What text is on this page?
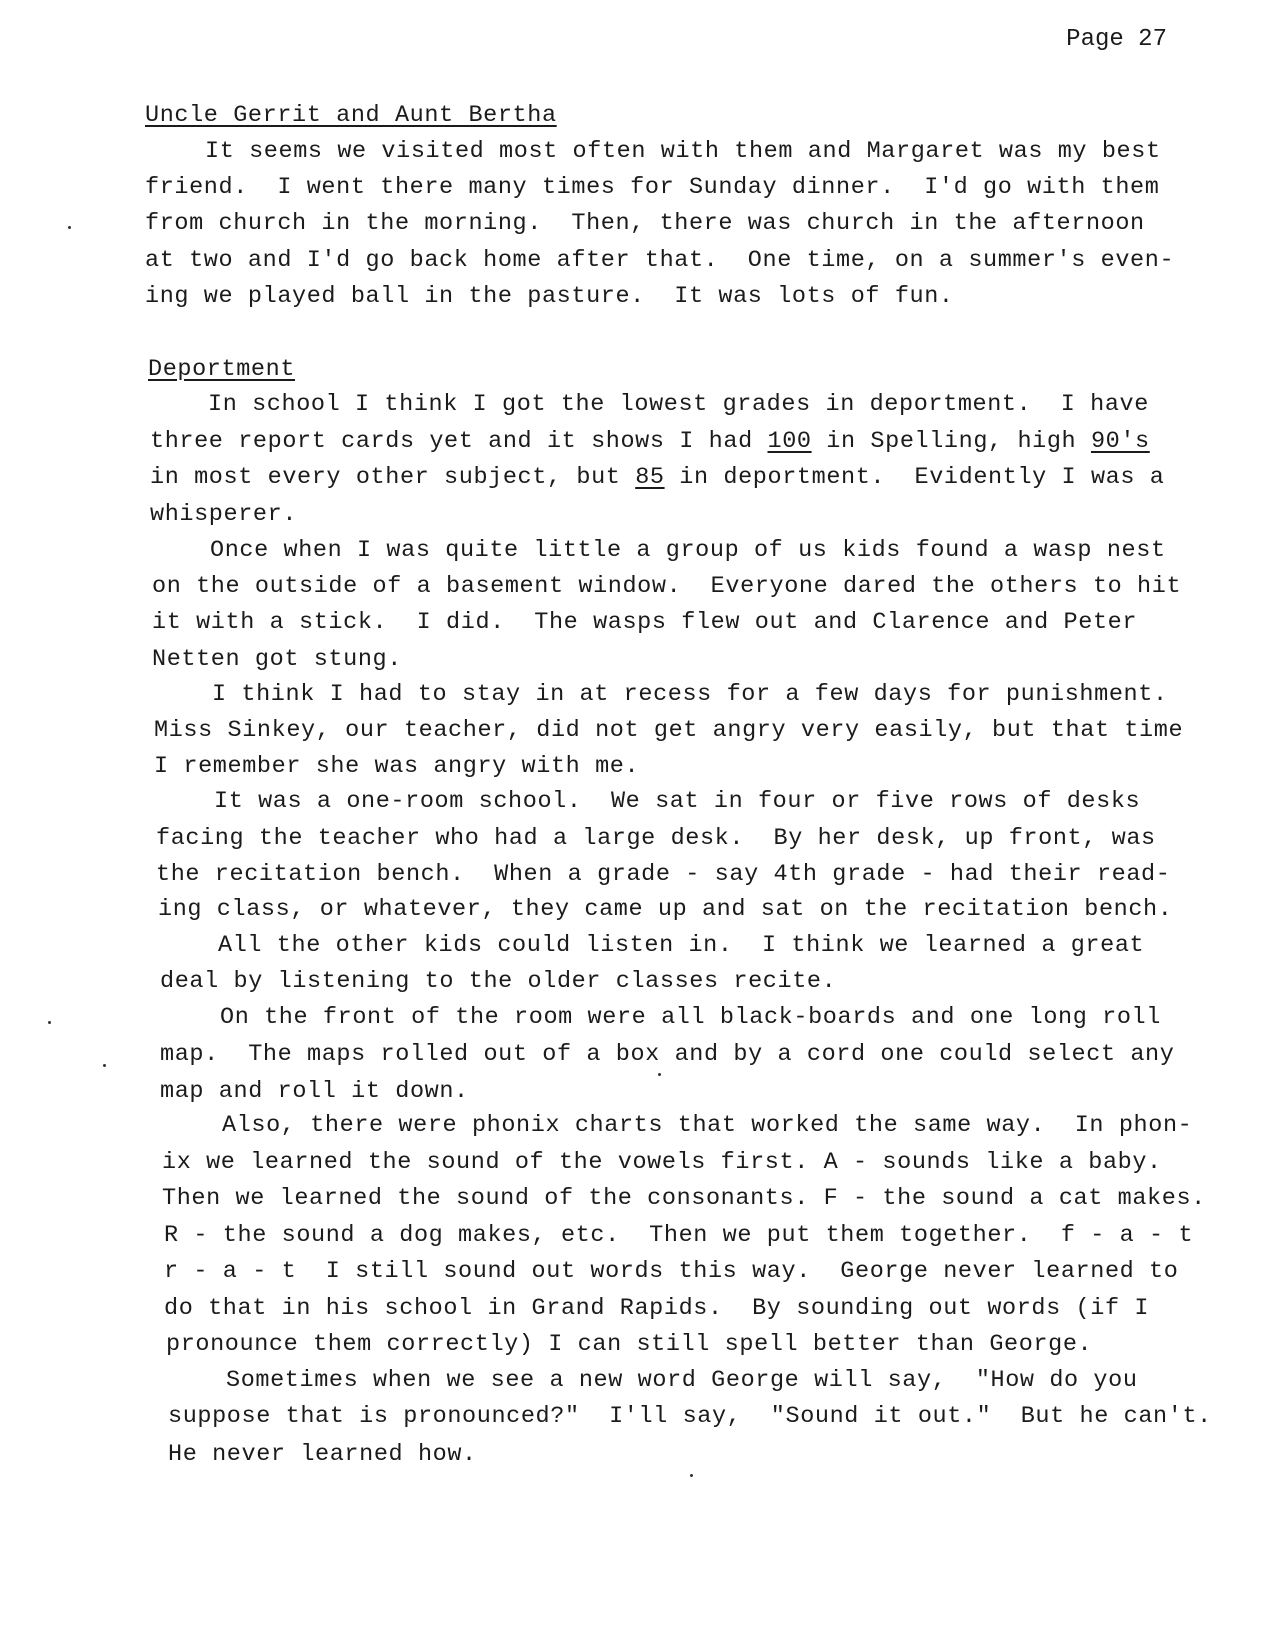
Page 27
Uncle Gerrit and Aunt Bertha
It seems we visited most often with them and Margaret was my best
friend.  I went there many times for Sunday dinner.  I'd go with them
from church in the morning.  Then, there was church in the afternoon
at two and I'd go back home after that.  One time, on a summer's even-
ing we played ball in the pasture.  It was lots of fun.
Deportment
In school I think I got the lowest grades in deportment.  I have
three report cards yet and it shows I had 100 in Spelling, high 90's
in most every other subject, but 85 in deportment.  Evidently I was a
whisperer.
Once when I was quite little a group of us kids found a wasp nest
on the outside of a basement window.  Everyone dared the others to hit
it with a stick.  I did.  The wasps flew out and Clarence and Peter
Netten got stung.
I think I had to stay in at recess for a few days for punishment.
Miss Sinkey, our teacher, did not get angry very easily, but that time
I remember she was angry with me.
It was a one-room school.  We sat in four or five rows of desks
facing the teacher who had a large desk.  By her desk, up front, was
the recitation bench.  When a grade - say 4th grade - had their read-
ing class, or whatever, they came up and sat on the recitation bench.
All the other kids could listen in.  I think we learned a great
deal by listening to the older classes recite.
On the front of the room were all black-boards and one long roll
map.  The maps rolled out of a box and by a cord one could select any
map and roll it down.
Also, there were phonix charts that worked the same way.  In phon-
ix we learned the sound of the vowels first. A - sounds like a baby.
Then we learned the sound of the consonants. F - the sound a cat makes.
R - the sound a dog makes, etc.  Then we put them together.  f - a - t
r - a - t  I still sound out words this way.  George never learned to
do that in his school in Grand Rapids.  By sounding out words (if I
pronounce them correctly) I can still spell better than George.
Sometimes when we see a new word George will say,  "How do you
suppose that is pronounced?"  I'll say,  "Sound it out."  But he can't.
He never learned how.
